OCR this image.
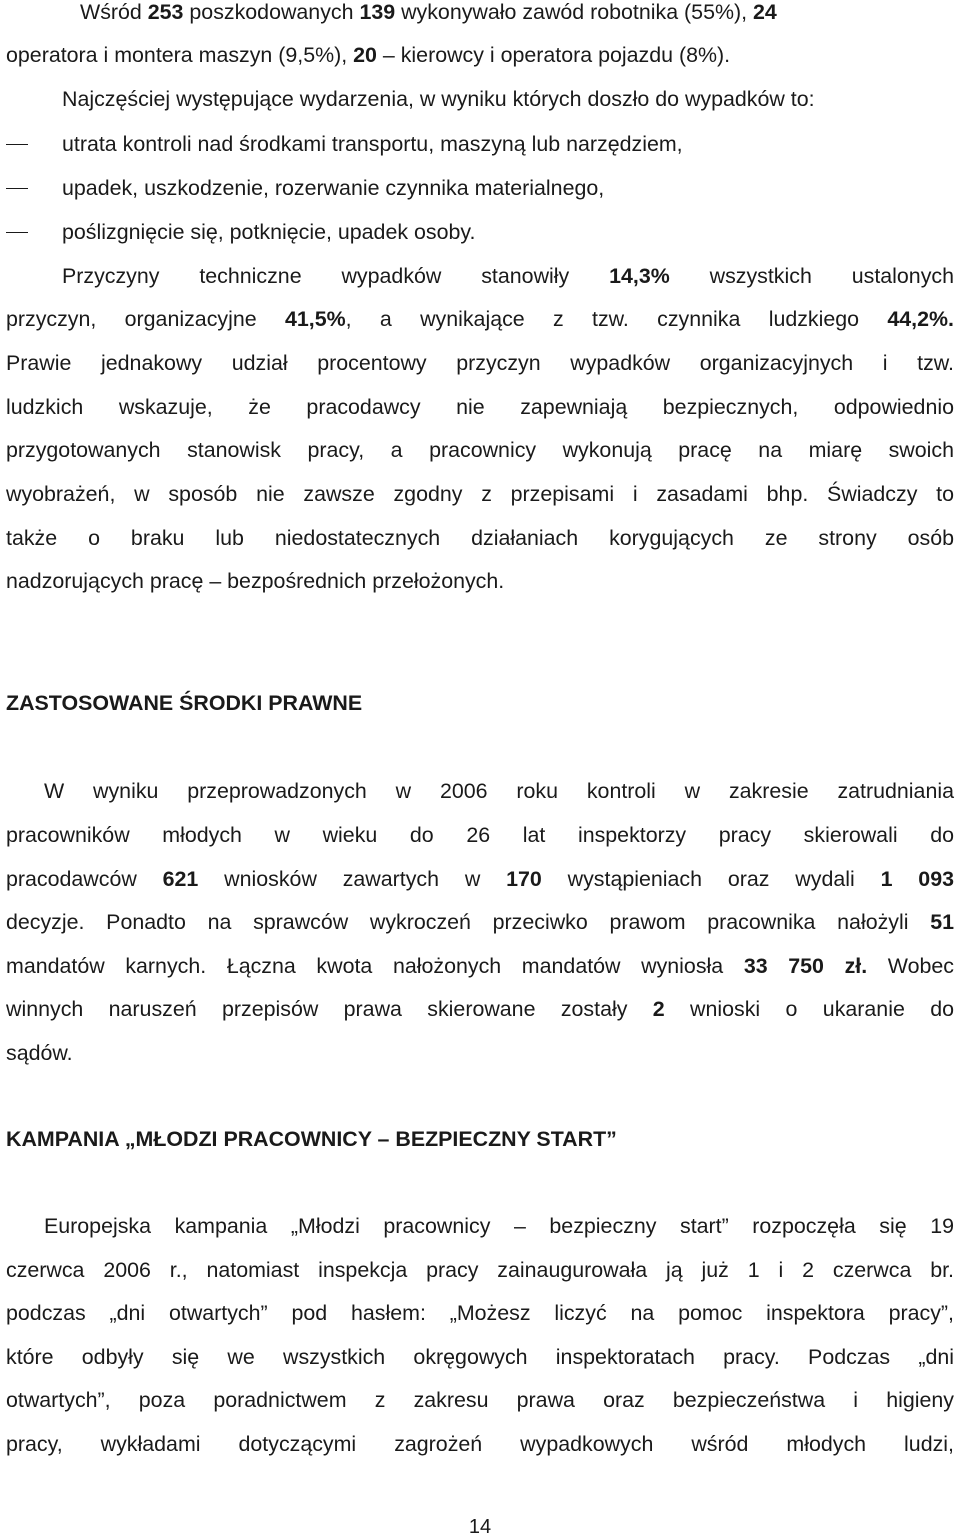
Wśród 253 poszkodowanych 139 wykonywało zawód robotnika (55%), 24
operatora i montera maszyn (9,5%), 20 – kierowcy i operatora pojazdu (8%).
Najczęściej występujące wydarzenia, w wyniku których doszło do wypadków to:
utrata kontroli nad środkami transportu, maszyną lub narzędziem,
upadek, uszkodzenie, rozerwanie czynnika materialnego,
poślizgnięcie się, potknięcie, upadek osoby.
Przyczyny techniczne wypadków stanowiły 14,3% wszystkich ustalonych
przyczyn, organizacyjne 41,5%, a wynikające z tzw. czynnika ludzkiego 44,2%.
Prawie jednakowy udział procentowy przyczyn wypadków organizacyjnych i tzw.
ludzkich wskazuje, że pracodawcy nie zapewniają bezpiecznych, odpowiednio
przygotowanych stanowisk pracy, a pracownicy wykonują pracę na miarę swoich
wyobrażeń, w sposób nie zawsze zgodny z przepisami i zasadami bhp. Świadczy to
także o braku lub niedostatecznych działaniach korygujących ze strony osób
nadzorujących pracę – bezpośrednich przełożonych.
ZASTOSOWANE ŚRODKI PRAWNE
W wyniku przeprowadzonych w 2006 roku kontroli w zakresie zatrudniania
pracowników młodych w wieku do 26 lat inspektorzy pracy skierowali do
pracodawców 621 wniosków zawartych w 170 wystąpieniach oraz wydali 1 093
decyzje. Ponadto na sprawców wykroczeń przeciwko prawom pracownika nałożyli 51
mandatów karnych. Łączna kwota nałożonych mandatów wyniosła 33 750 zł. Wobec
winnych naruszeń przepisów prawa skierowane zostały 2 wnioski o ukaranie do
sądów.
KAMPANIA „MŁODZI PRACOWNICY – BEZPIECZNY START”
Europejska kampania „Młodzi pracownicy – bezpieczny start” rozpoczęła się 19
czerwca 2006 r., natomiast inspekcja pracy zainaugurowała ją już 1 i 2 czerwca br.
podczas „dni otwartych” pod hasłem: „Możesz liczyć na pomoc inspektora pracy”,
które odbyły się we wszystkich okręgowych inspektoratach pracy. Podczas „dni
otwartych”, poza poradnictwem z zakresu prawa oraz bezpieczeństwa i higieny
pracy, wykładami dotyczącymi zagrożeń wypadkowych wśród młodych ludzi,
14
